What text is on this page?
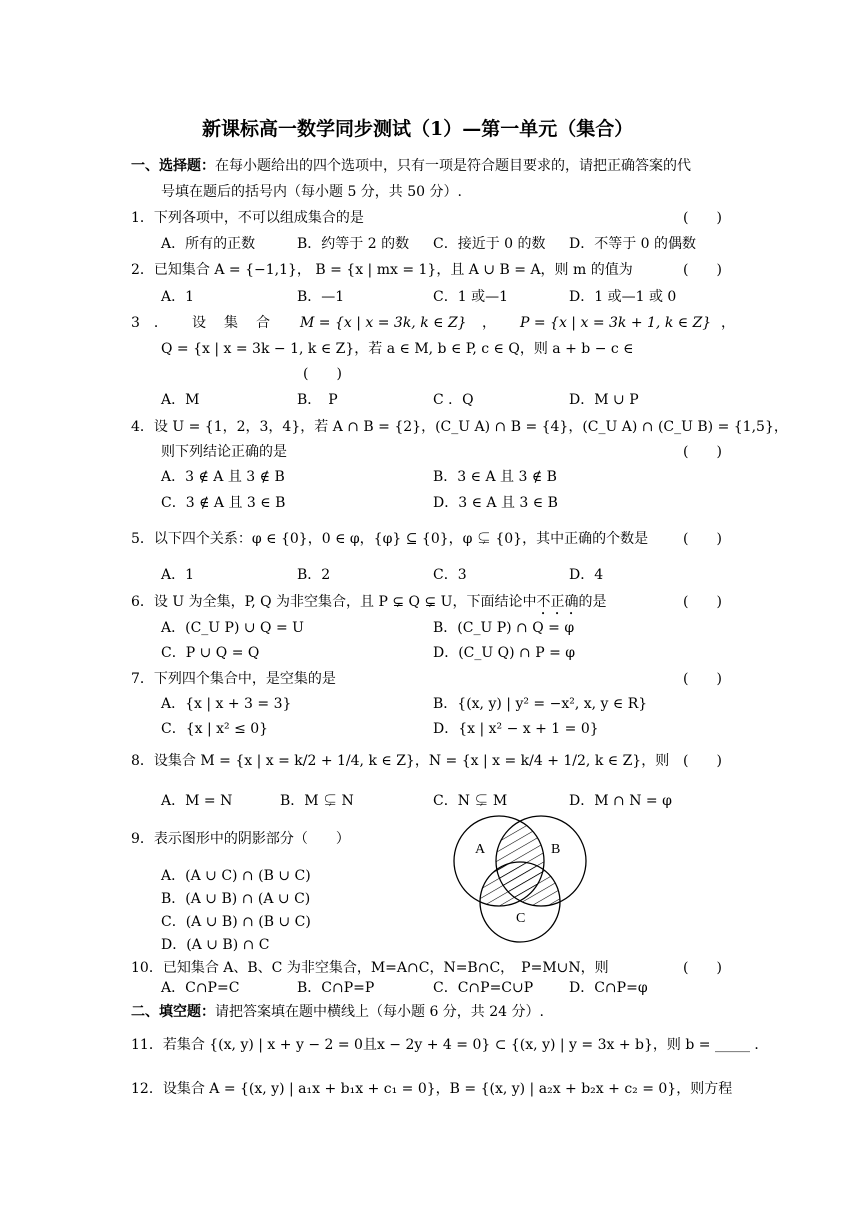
新课标高一数学同步测试（1）—第一单元（集合）
一、选择题：在每小题给出的四个选项中，只有一项是符合题目要求的，请把正确答案的代
号填在题后的括号内（每小题 5 分，共 50 分）.
1．下列各项中，不可以组成集合的是	(　　)
A．所有的正数	B．约等于 2 的数 C．接近于 0 的数 D．不等于 0 的偶数
2．已知集合 A = {−1,1}， B = {x | mx = 1}，且 A ∪ B = A，则 m 的值为	(　　)
A．1	B．—1	C．1 或—1	D．1 或—1 或 0
3　． 设　集　合 M = {x | x = 3k, k ∈ Z} ， P = {x | x = 3k + 1, k ∈ Z} ，
Q = {x | x = 3k − 1, k ∈ Z}，若 a ∈ M, b ∈ P, c ∈ Q，则 a + b − c ∈
(　　)
A．M	B．　P	C ．Q	D．M ∪ P
4．设 U = {1，2，3，4}，若 A ∩ B = {2}，(C_U A) ∩ B = {4}，(C_U A) ∩ (C_U B) = {1,5}，
则下列结论正确的是	(　　)
A．3 ∉ A 且 3 ∉ B	B．3 ∈ A 且 3 ∉ B
C．3 ∉ A 且 3 ∈ B	D．3 ∈ A 且 3 ∈ B
5．以下四个关系：φ ∈ {0}，0 ∈ φ，{φ} ⊆ {0}，φ ⊊ {0}，其中正确的个数是 (　　)
A．1	B．2	C．3	D．4
6．设 U 为全集，P, Q 为非空集合，且 P ⊊ Q ⊊ U，下面结论中不正确的是	(　　)
A．(C_U P) ∪ Q = U	B．(C_U P) ∩ Q = φ
C．P ∪ Q = Q	D．(C_U Q) ∩ P = φ
7．下列四个集合中，是空集的是	(　　)
A．{x | x + 3 = 3}	B．{(x, y) | y² = −x², x, y ∈ R}
C．{x | x² ≤ 0}	D．{x | x² − x + 1 = 0}
8．设集合 M = {x | x = k/2 + 1/4, k ∈ Z}，N = {x | x = k/4 + 1/2, k ∈ Z}，则 (　　)
A．M = N	B．M ⊊ N	C．N ⊊ M	D．M ∩ N = φ
9．表示图形中的阴影部分（　　）
A．(A ∪ C) ∩ (B ∪ C)
B．(A ∪ B) ∩ (A ∪ C)
C．(A ∪ B) ∩ (B ∪ C)
D．(A ∪ B) ∩ C
A	B
C
10．已知集合 A、B、C 为非空集合，M=A∩C，N=B∩C，　P=M∪N，则	(　　)
A．C∩P=C	B．C∩P=P	C．C∩P=C∪P	D．C∩P=φ
二、填空题：请把答案填在题中横线上（每小题 6 分，共 24 分）.
11．若集合 {(x, y) | x + y − 2 = 0且x − 2y + 4 = 0} ⊂ {(x, y) | y = 3x + b}，则 b = _____ ．
12．设集合 A = {(x, y) | a₁x + b₁x + c₁ = 0}，B = {(x, y) | a₂x + b₂x + c₂ = 0}，则方程
